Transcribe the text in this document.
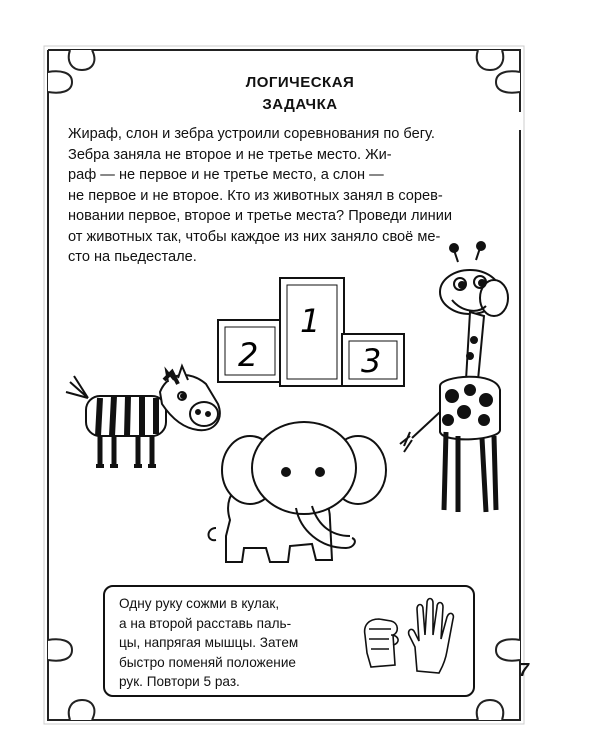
ЛОГИЧЕСКАЯ
ЗАДАЧКА
Жираф, слон и зебра устроили соревнования по бегу.
Зебра заняла не второе и не третье место. Жи-
раф — не первое и не третье место, а слон —
не первое и не второе. Кто из животных занял в сорев-
новании первое, второе и третье места? Проведи линии
от животных так, чтобы каждое из них заняло своё ме-
сто на пьедестале.
2
1
3
Одну руку сожми в кулак,
а на второй расставь паль-
цы, напрягая мышцы. Затем
быстро поменяй положение
рук. Повтори 5 раз.
7
